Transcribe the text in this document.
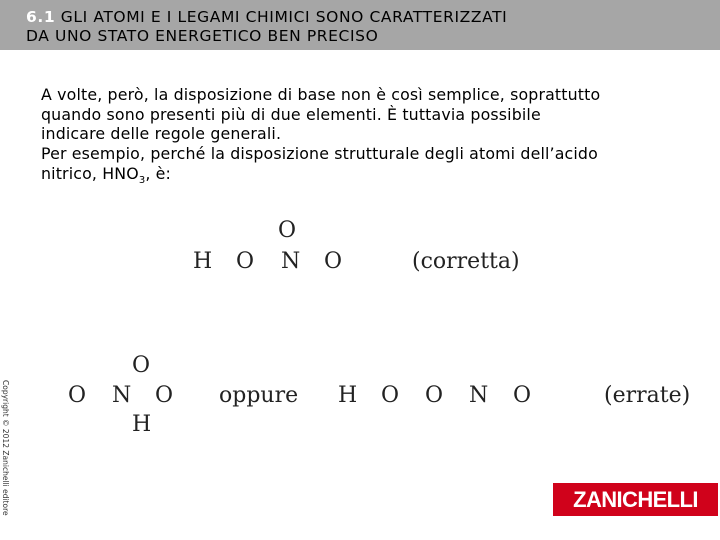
6.1 GLI ATOMI E I LEGAMI CHIMICI SONO CARATTERIZZATI
DA UNO STATO ENERGETICO BEN PRECISO

A volte, però, la disposizione di base non è così semplice, soprattutto

quando sono presenti più di due elementi. È tuttavia possibile

indicare delle regole generali.

Per esempio, perché la disposizione strutturale degli atomi dell’acido

nitrico, $HNO_3$, è:

O
H O N O	(corretta)
O
O N O
H
oppure H O O N O	(errate)
Copyright © 2012 Zanichelli editore	ZANICHELLI
